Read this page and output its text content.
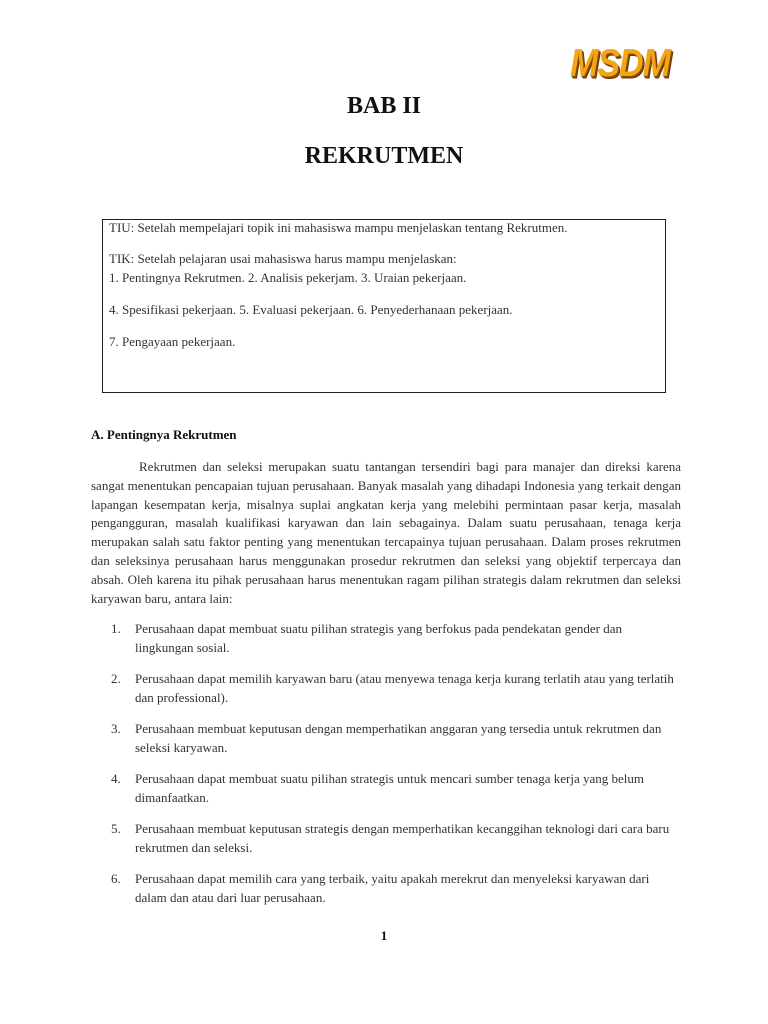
MSDM
BAB II
REKRUTMEN

TIU: Setelah mempelajari topik ini mahasiswa mampu menjelaskan tentang Rekrutmen.

TIK: Setelah pelajaran usai mahasiswa harus mampu menjelaskan:

1. Pentingnya Rekrutmen. 2. Analisis pekerjam. 3. Uraian pekerjaan.

4. Spesifikasi pekerjaan. 5. Evaluasi pekerjaan. 6. Penyederhanaan pekerjaan.

7. Pengayaan pekerjaan.

A. Pentingnya Rekrutmen

Rekrutmen dan seleksi merupakan suatu tantangan tersendiri bagi para manajer dan direksi karena sangat menentukan pencapaian tujuan perusahaan. Banyak masalah yang dihadapi Indonesia yang terkait dengan lapangan kesempatan kerja, misalnya suplai angkatan kerja yang melebihi permintaan pasar kerja, masalah pengangguran, masalah kualifikasi karyawan dan lain sebagainya. Dalam suatu perusahaan, tenaga kerja merupakan salah satu faktor penting yang menentukan tercapainya tujuan perusahaan. Dalam proses rekrutmen dan seleksinya perusahaan harus menggunakan prosedur rekrutmen dan seleksi yang objektif terpercaya dan absah. Oleh karena itu pihak perusahaan harus menentukan ragam pilihan strategis dalam rekrutmen dan seleksi karyawan baru, antara lain:

1. Perusahaan dapat membuat suatu pilihan strategis yang berfokus pada pendekatan gender dan lingkungan sosial.
2. Perusahaan dapat memilih karyawan baru (atau menyewa tenaga kerja kurang terlatih atau yang terlatih dan professional).
3. Perusahaan membuat keputusan dengan memperhatikan anggaran yang tersedia untuk rekrutmen dan seleksi karyawan.
4. Perusahaan dapat membuat suatu pilihan strategis untuk mencari sumber tenaga kerja yang belum dimanfaatkan.
5. Perusahaan membuat keputusan strategis dengan memperhatikan kecanggihan teknologi dari cara baru rekrutmen dan seleksi.
6. Perusahaan dapat memilih cara yang terbaik, yaitu apakah merekrut dan menyeleksi karyawan dari dalam dan atau dari luar perusahaan.
1
